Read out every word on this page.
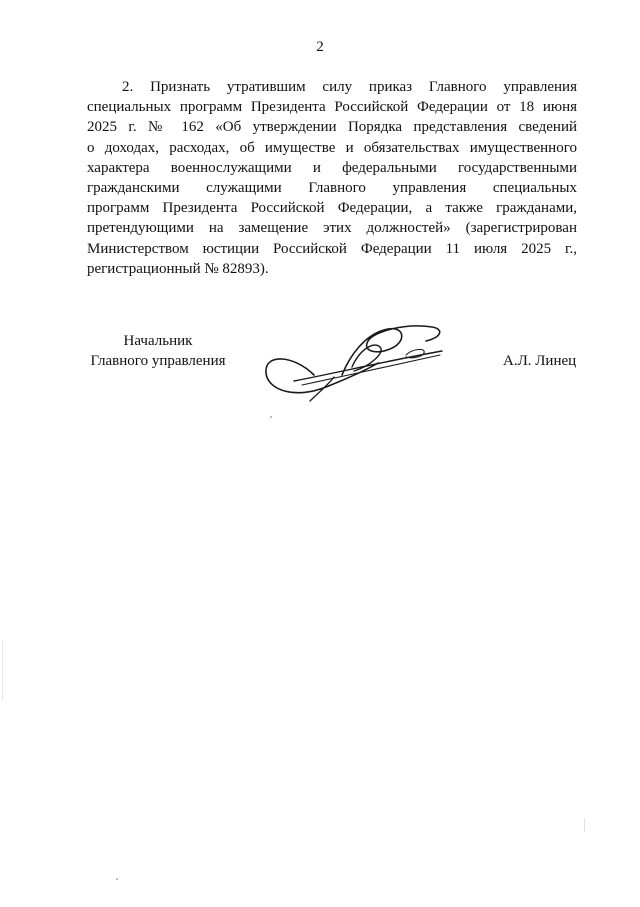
2

2. Признать утратившим силу приказ Главного управления
специальных программ Президента Российской Федерации от 18 июня
2025 г. № 162 «Об утверждении Порядка представления сведений
о доходах, расходах, об имуществе и обязательствах имущественного
характера военнослужащими и федеральными государственными
гражданскими служащими Главного управления специальных
программ Президента Российской Федерации, а также гражданами,
претендующими на замещение этих должностей» (зарегистрирован
Министерством юстиции Российской Федерации 11 июля 2025 г.,
регистрационный № 82893).

Начальник
Главного управления	А.Л. Линец
